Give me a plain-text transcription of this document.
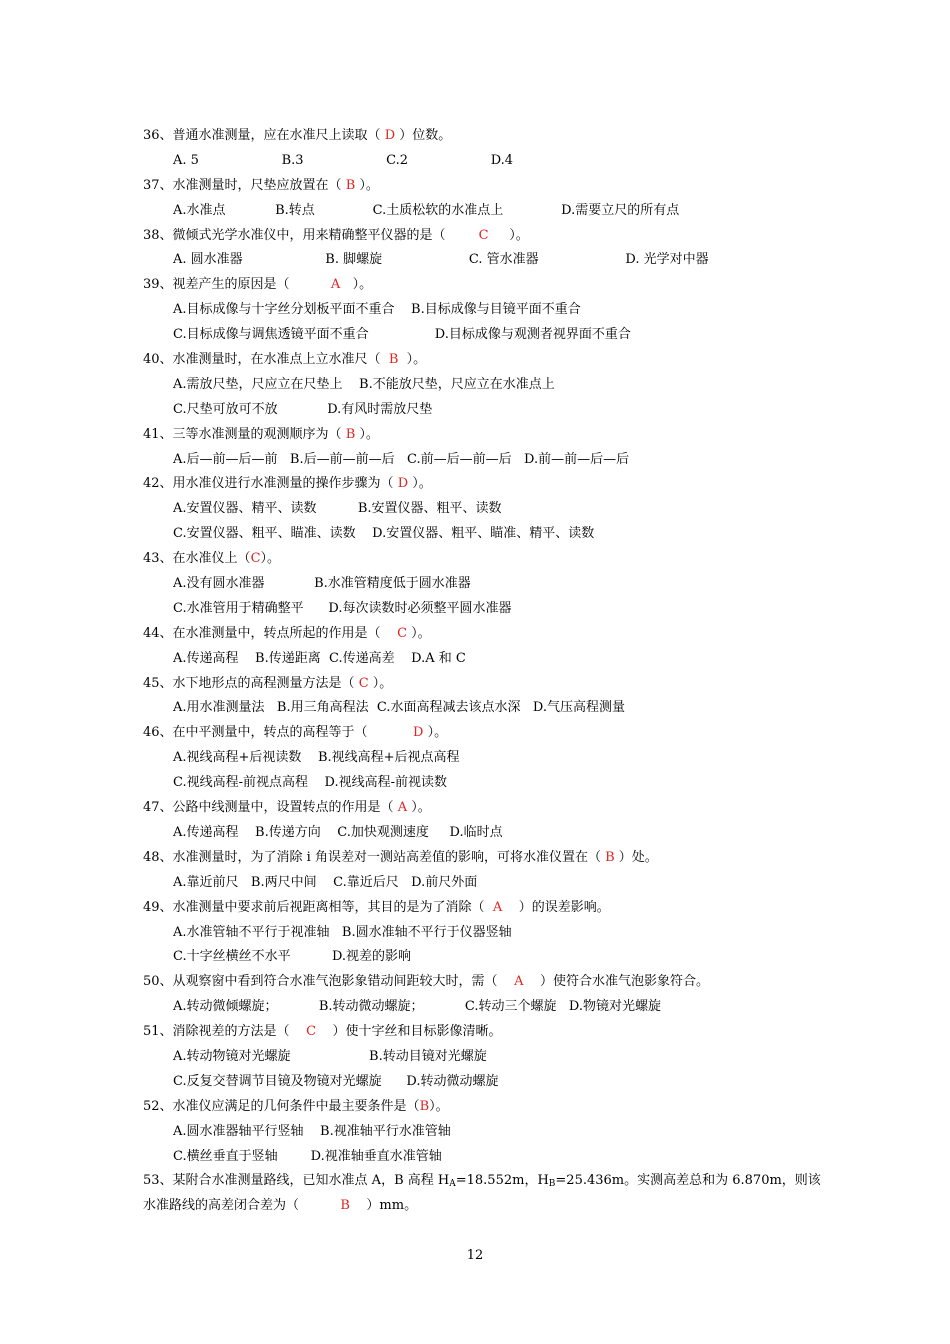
36、普通水准测量，应在水准尺上读取（ D ）位数。
A. 5                    B.3                    C.2                    D.4
37、水准测量时，尺垫应放置在（ B ）。
A.水准点            B.转点              C.土质松软的水准点上              D.需要立尺的所有点
38、微倾式光学水准仪中，用来精确整平仪器的是（        C     ）。
A. 圆水准器                    B. 脚螺旋                     C. 管水准器                     D. 光学对中器
39、视差产生的原因是（          A   ）。
A.目标成像与十字丝分划板平面不重合    B.目标成像与目镜平面不重合
C.目标成像与调焦透镜平面不重合                D.目标成像与观测者视界面不重合
40、水准测量时，在水准点上立水准尺（  B  ）。
A.需放尺垫，尺应立在尺垫上    B.不能放尺垫，尺应立在水准点上
C.尺垫可放可不放            D.有风时需放尺垫
41、三等水准测量的观测顺序为（ B ）。
A.后—前—后—前   B.后—前—前—后   C.前—后—前—后   D.前—前—后—后
42、用水准仪进行水准测量的操作步骤为（ D ）。
A.安置仪器、精平、读数          B.安置仪器、粗平、读数
C.安置仪器、粗平、瞄准、读数    D.安置仪器、粗平、瞄准、精平、读数
43、在水准仪上（C）。
A.没有圆水准器            B.水准管精度低于圆水准器
C.水准管用于精确整平      D.每次读数时必须整平圆水准器
44、在水准测量中，转点所起的作用是（    C ）。
A.传递高程    B.传递距离  C.传递高差    D.A 和 C
45、水下地形点的高程测量方法是（ C ）。
A.用水准测量法   B.用三角高程法  C.水面高程减去该点水深   D.气压高程测量
46、在中平测量中，转点的高程等于（           D ）。
A.视线高程+后视读数    B.视线高程+后视点高程
C.视线高程-前视点高程    D.视线高程-前视读数
47、公路中线测量中，设置转点的作用是（ A ）。
A.传递高程    B.传递方向    C.加快观测速度     D.临时点
48、水准测量时，为了消除 i 角误差对一测站高差值的影响，可将水准仪置在（ B ）处。
A.靠近前尺   B.两尺中间    C.靠近后尺   D.前尺外面
49、水准测量中要求前后视距离相等，其目的是为了消除（  A    ）的误差影响。
A.水准管轴不平行于视准轴   B.圆水准轴不平行于仪器竖轴
C.十字丝横丝不水平          D.视差的影响
50、从观察窗中看到符合水准气泡影象错动间距较大时，需（    A    ）使符合水准气泡影象符合。
A.转动微倾螺旋；          B.转动微动螺旋；          C.转动三个螺旋   D.物镜对光螺旋
51、消除视差的方法是（    C    ）使十字丝和目标影像清晰。
A.转动物镜对光螺旋                   B.转动目镜对光螺旋
C.反复交替调节目镜及物镜对光螺旋      D.转动微动螺旋
52、水准仪应满足的几何条件中最主要条件是（B）。
A.圆水准器轴平行竖轴    B.视准轴平行水准管轴
C.横丝垂直于竖轴        D.视准轴垂直水准管轴
53、某附合水准测量路线，已知水准点 A，B 高程 $H_A=18.552m$，$H_B=25.436m$。实测高差总和为 6.870m，则该
水准路线的高差闭合差为（          B    ）mm。
12
